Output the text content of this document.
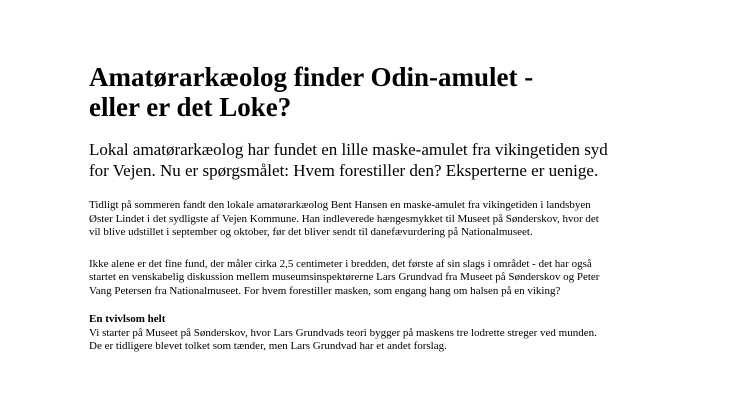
Amatørarkæolog finder Odin-amulet - eller er det Loke?

Lokal amatørarkæolog har fundet en lille maske-amulet fra vikingetiden syd for Vejen. Nu er spørgsmålet: Hvem forestiller den? Eksperterne er uenige.

Tidligt på sommeren fandt den lokale amatørarkæolog Bent Hansen en maske-amulet fra vikingetiden i landsbyen Øster Lindet i det sydligste af Vejen Kommune. Han indleverede hængesmykket til Museet på Sønderskov, hvor det vil blive udstillet i september og oktober, før det bliver sendt til danefævurdering på Nationalmuseet.

Ikke alene er det fine fund, der måler cirka 2,5 centimeter i bredden, det første af sin slags i området - det har også startet en venskabelig diskussion mellem museumsinspektørerne Lars Grundvad fra Museet på Sønderskov og Peter Vang Petersen fra Nationalmuseet. For hvem forestiller masken, som engang hang om halsen på en viking?

En tvivlsom helt

Vi starter på Museet på Sønderskov, hvor Lars Grundvads teori bygger på maskens tre lodrette streger ved munden. De er tidligere blevet tolket som tænder, men Lars Grundvad har et andet forslag.
